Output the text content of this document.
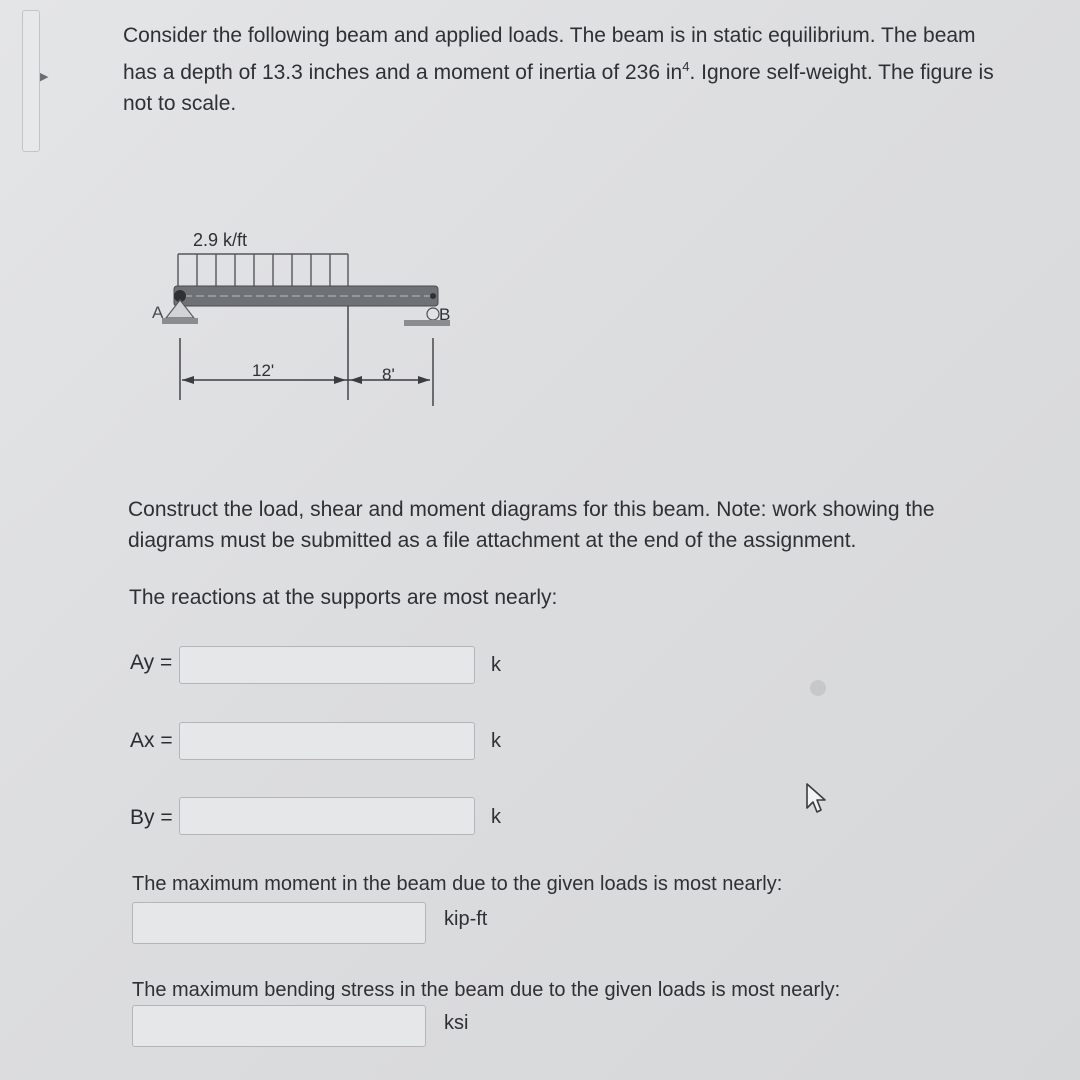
▶
Consider the following beam and applied loads. The beam is in static equilibrium. The beam
has a depth of 13.3 inches and a moment of inertia of 236 $in^4$. Ignore self-weight. The figure is
not to scale.
2.9 k/ft
A	B
12'	8'
Construct the load, shear and moment diagrams for this beam. Note: work showing the
diagrams must be submitted as a file attachment at the end of the assignment.
The reactions at the supports are most nearly:
Ay =	k
Ax =	k
By =	k
The maximum moment in the beam due to the given loads is most nearly:
kip-ft
The maximum bending stress in the beam due to the given loads is most nearly:
ksi
